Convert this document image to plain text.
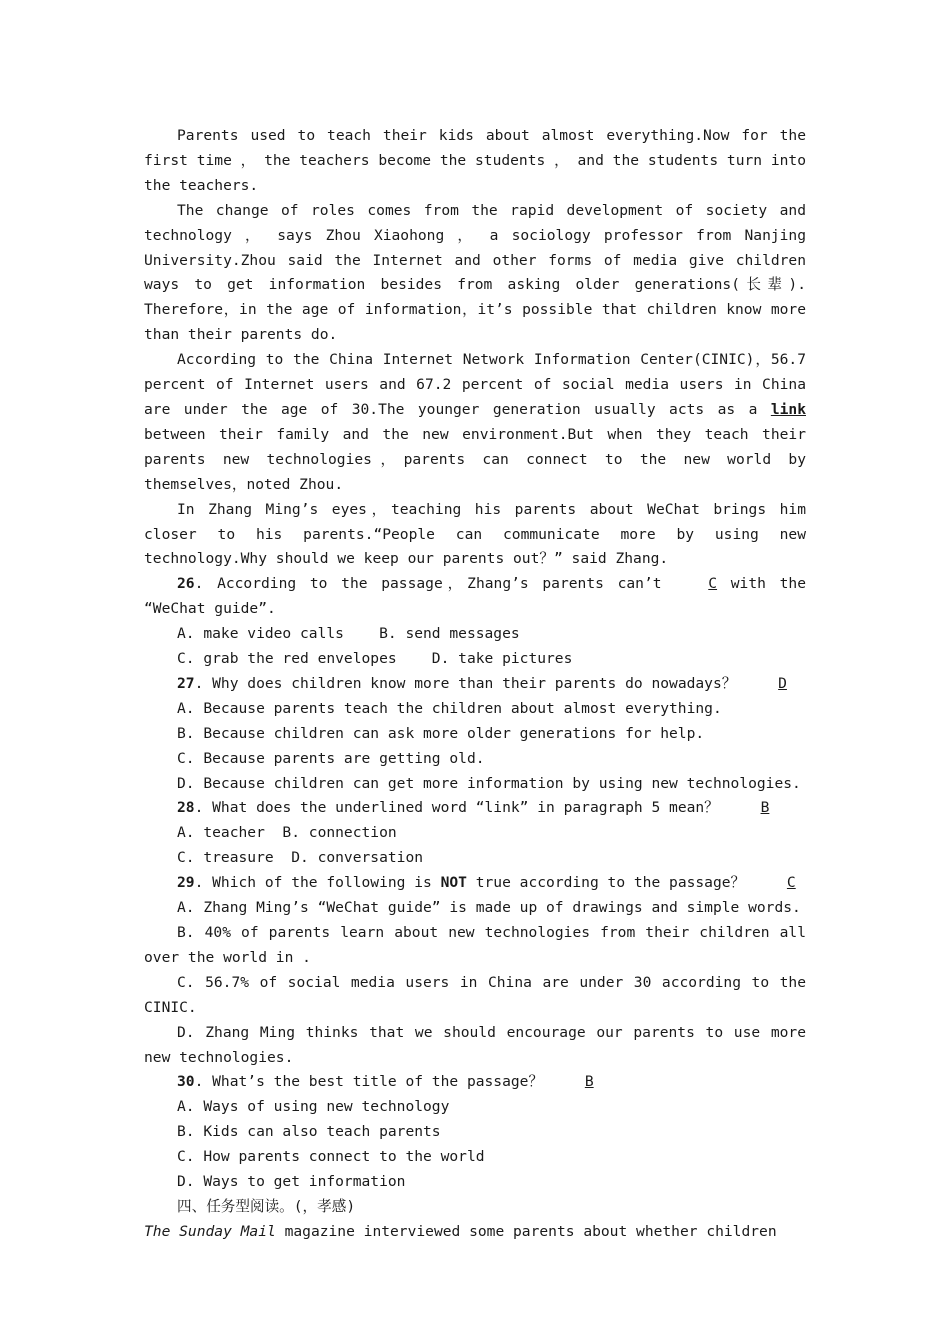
Parents used to teach their kids about almost everything.Now for the first time ， the teachers become the students ， and the students turn into the teachers.

The change of roles comes from the rapid development of society and technology ， says Zhou Xiaohong ， a sociology professor from Nanjing University.Zhou said the Internet and other forms of media give children ways to get information besides from asking older generations(长辈). Therefore，in the age of information，it’s possible that children know more than their parents do.

According to the China Internet Network Information Center(CINIC)，56.7 percent of Internet users and 67.2 percent of social media users in China are under the age of 30.The younger generation usually acts as a link between their family and the new environment.But when they teach their parents new technologies，parents can connect to the new world by themselves，noted Zhou.

In Zhang Ming’s eyes，teaching his parents about WeChat brings him closer to his parents.“People can communicate more by using new technology.Why should we keep our parents out？” said Zhang.

26. According to the passage，Zhang’s parents can’t C with the “WeChat guide”.

A. make video calls    B. send messages

C. grab the red envelopes    D. take pictures

27. Why does children know more than their parents do nowadays？ D

A. Because parents teach the children about almost everything.

B. Because children can ask more older generations for help.

C. Because parents are getting old.

D. Because children can get more information by using new technologies.

28. What does the underlined word “link” in paragraph 5 mean？ B

A. teacher  B. connection

C. treasure  D. conversation

29. Which of the following is NOT true according to the passage？ C

A. Zhang Ming’s “WeChat guide” is made up of drawings and simple words.

B. 40% of parents learn about new technologies from their children all over the world in .

C. 56.7% of social media users in China are under 30 according to the CINIC.

D. Zhang Ming thinks that we should encourage our parents to use more new technologies.

30. What’s the best title of the passage？ B

A. Ways of using new technology

B. Kids can also teach parents

C. How parents connect to the world

D. Ways to get information

四、任务型阅读。(，孝感)

The Sunday Mail magazine interviewed some parents about whether children
